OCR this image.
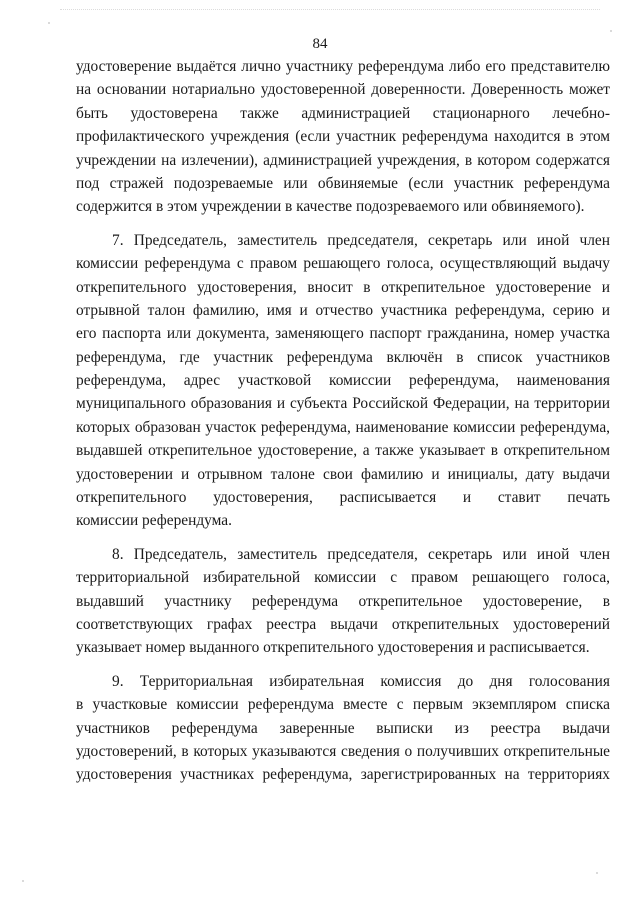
84
удостоверение выдаётся лично участнику референдума либо его представителю
на основании нотариально удостоверенной доверенности. Доверенность может
быть удостоверена также администрацией стационарного лечебно-
профилактического учреждения (если участник референдума находится в этом
учреждении на излечении), администрацией учреждения, в котором содержатся
под стражей подозреваемые или обвиняемые (если участник референдума
содержится в этом учреждении в качестве подозреваемого или обвиняемого).
7. Председатель, заместитель председателя, секретарь или иной член
комиссии референдума с правом решающего голоса, осуществляющий выдачу
открепительного удостоверения, вносит в открепительное удостоверение и
отрывной талон фамилию, имя и отчество участника референдума, серию и
его паспорта или документа, заменяющего паспорт гражданина, номер участка
референдума, где участник референдума включён в список участников
референдума, адрес участковой комиссии референдума, наименования
муниципального образования и субъекта Российской Федерации, на территории
которых образован участок референдума, наименование комиссии референдума,
выдавшей открепительное удостоверение, а также указывает в открепительном
удостоверении и отрывном талоне свои фамилию и инициалы, дату выдачи
открепительного удостоверения, расписывается и ставит печать
комиссии референдума.
8. Председатель, заместитель председателя, секретарь или иной член
территориальной избирательной комиссии с правом решающего голоса,
выдавший участнику референдума открепительное удостоверение, в
соответствующих графах реестра выдачи открепительных удостоверений
указывает номер выданного открепительного удостоверения и расписывается.
9. Территориальная избирательная комиссия до дня голосования
в участковые комиссии референдума вместе с первым экземпляром списка
участников референдума заверенные выписки из реестра выдачи
удостоверений, в которых указываются сведения о получивших открепительные
удостоверения участниках референдума, зарегистрированных на территориях
